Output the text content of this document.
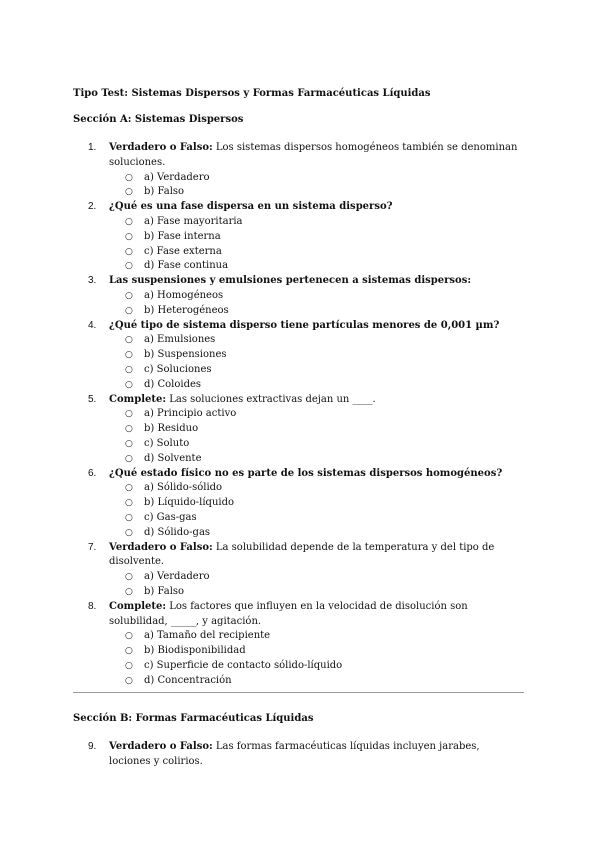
Tipo Test: Sistemas Dispersos y Formas Farmacéuticas Líquidas
Sección A: Sistemas Dispersos
1. Verdadero o Falso: Los sistemas dispersos homogéneos también se denominan soluciones.
○ a) Verdadero
○ b) Falso
2. ¿Qué es una fase dispersa en un sistema disperso?
○ a) Fase mayoritaria
○ b) Fase interna
○ c) Fase externa
○ d) Fase continua
3. Las suspensiones y emulsiones pertenecen a sistemas dispersos:
○ a) Homogéneos
○ b) Heterogéneos
4. ¿Qué tipo de sistema disperso tiene partículas menores de 0,001 µm?
○ a) Emulsiones
○ b) Suspensiones
○ c) Soluciones
○ d) Coloides
5. Complete: Las soluciones extractivas dejan un ____.
○ a) Principio activo
○ b) Residuo
○ c) Soluto
○ d) Solvente
6. ¿Qué estado físico no es parte de los sistemas dispersos homogéneos?
○ a) Sólido-sólido
○ b) Líquido-líquido
○ c) Gas-gas
○ d) Sólido-gas
7. Verdadero o Falso: La solubilidad depende de la temperatura y del tipo de disolvente.
○ a) Verdadero
○ b) Falso
8. Complete: Los factores que influyen en la velocidad de disolución son solubilidad, _____, y agitación.
○ a) Tamaño del recipiente
○ b) Biodisponibilidad
○ c) Superficie de contacto sólido-líquido
○ d) Concentración
Sección B: Formas Farmacéuticas Líquidas
9. Verdadero o Falso: Las formas farmacéuticas líquidas incluyen jarabes, lociones y colirios.
